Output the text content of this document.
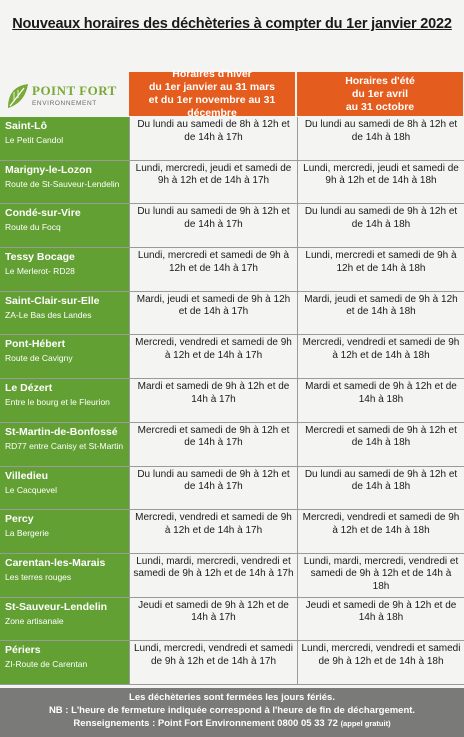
Nouveaux horaires des déchèteries à compter du 1er janvier 2022
POINT FORT
ENVIRONNEMENT
Horaires d'hiver
du 1er janvier au 31 mars
et du 1er novembre au 31 décembre
Horaires d'été
du 1er avril
au 31 octobre
Saint-Lô
Le Petit Candol
Du lundi au samedi de 8h à 12h et de 14h à 17h
Du lundi au samedi de 8h à 12h et de 14h à 18h
Marigny-le-Lozon
Route de St-Sauveur-Lendelin
Lundi, mercredi, jeudi et samedi de 9h à 12h et de 14h à 17h
Lundi, mercredi, jeudi et samedi de 9h à 12h et de 14h à 18h
Condé-sur-Vire
Route du Focq
Du lundi au samedi de 9h à 12h et de 14h à 17h
Du lundi au samedi de 9h à 12h et de 14h à 18h
Tessy Bocage
Le Merlerot- RD28
Lundi, mercredi et samedi de 9h à 12h et de 14h à 17h
Lundi, mercredi et samedi de 9h à 12h et de 14h à 18h
Saint-Clair-sur-Elle
ZA-Le Bas des Landes
Mardi, jeudi et samedi de 9h à 12h et de 14h à 17h
Mardi, jeudi et samedi de 9h à 12h et de 14h à 18h
Pont-Hébert
Route de Cavigny
Mercredi, vendredi et samedi de 9h à 12h et de 14h à 17h
Mercredi, vendredi et samedi de 9h à 12h et de 14h à 18h
Le Dézert
Entre le bourg et le Fleurion
Mardi et samedi de 9h à 12h et de 14h à 17h
Mardi et samedi de 9h à 12h et de 14h à 18h
St-Martin-de-Bonfossé
RD77 entre Canisy et St-Martin
Mercredi et samedi de 9h à 12h et de 14h à 17h
Mercredi et samedi de 9h à 12h et de 14h à 18h
Villedieu
Le Cacquevel
Du lundi au samedi de 9h à 12h et de 14h à 17h
Du lundi au samedi de 9h à 12h et de 14h à 18h
Percy
La Bergerie
Mercredi, vendredi et samedi de 9h à 12h et de 14h à 17h
Mercredi, vendredi et samedi de 9h à 12h et de 14h à 18h
Carentan-les-Marais
Les terres rouges
Lundi, mardi, mercredi, vendredi et samedi de 9h à 12h et de 14h à 17h
Lundi, mardi, mercredi, vendredi et samedi de 9h à 12h et de 14h à 18h
St-Sauveur-Lendelin
Zone artisanale
Jeudi et samedi de 9h à 12h et de 14h à 17h
Jeudi et samedi de 9h à 12h et de 14h à 18h
Périers
ZI-Route de Carentan
Lundi, mercredi, vendredi et samedi de 9h à 12h et de 14h à 17h
Lundi, mercredi, vendredi et samedi de 9h à 12h et de 14h à 18h
Les déchèteries sont fermées les jours fériés.
NB : L'heure de fermeture indiquée correspond à l'heure de fin de déchargement.
Renseignements : Point Fort Environnement 0800 05 33 72 (appel gratuit)
